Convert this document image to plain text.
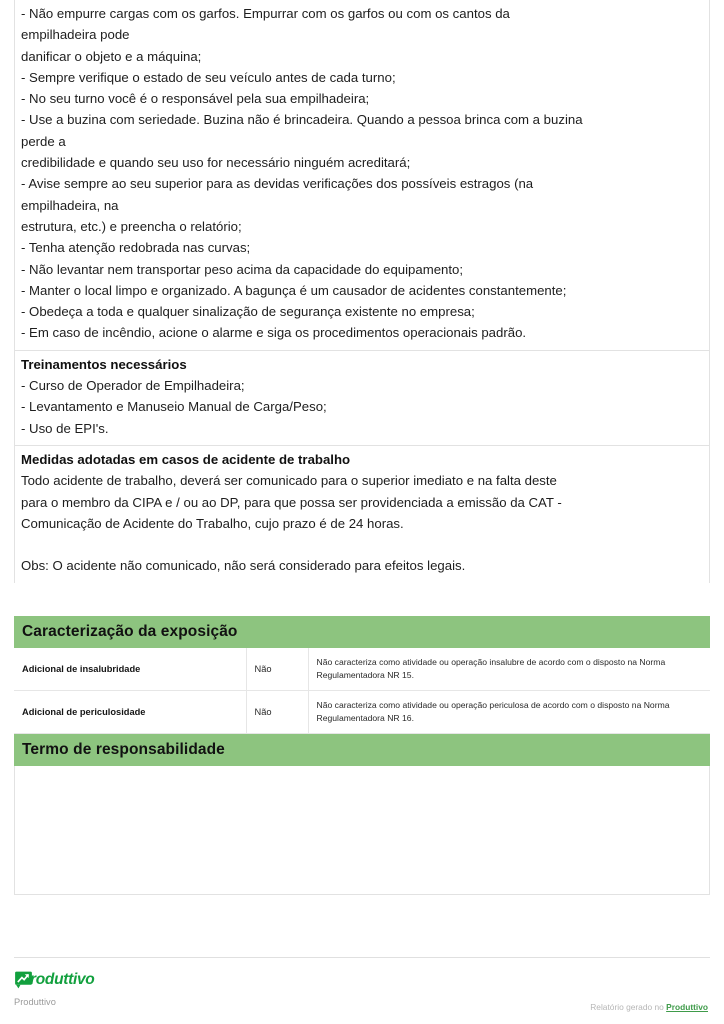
- Não empurre cargas com os garfos. Empurrar com os garfos ou com os cantos da
empilhadeira pode
danificar o objeto e a máquina;
- Sempre verifique o estado de seu veículo antes de cada turno;
- No seu turno você é o responsável pela sua empilhadeira;
- Use a buzina com seriedade. Buzina não é brincadeira. Quando a pessoa brinca com a buzina
perde a
credibilidade e quando seu uso for necessário ninguém acreditará;
- Avise sempre ao seu superior para as devidas verificações dos possíveis estragos (na
empilhadeira, na
estrutura, etc.) e preencha o relatório;
- Tenha atenção redobrada nas curvas;
- Não levantar nem transportar peso acima da capacidade do equipamento;
- Manter o local limpo e organizado. A bagunça é um causador de acidentes constantemente;
- Obedeça a toda e qualquer sinalização de segurança existente no empresa;
- Em caso de incêndio, acione o alarme e siga os procedimentos operacionais padrão.
Treinamentos necessários
- Curso de Operador de Empilhadeira;
- Levantamento e Manuseio Manual de Carga/Peso;
- Uso de EPI's.
Medidas adotadas em casos de acidente de trabalho
Todo acidente de trabalho, deverá ser comunicado para o superior imediato e na falta deste
para o membro da CIPA e / ou ao DP, para que possa ser providenciada a emissão da CAT -
Comunicação de Acidente do Trabalho, cujo prazo é de 24 horas.
Obs: O acidente não comunicado, não será considerado para efeitos legais.
Caracterização da exposição
Adicional de insalubridade	Não	Não caracteriza como atividade ou operação insalubre de acordo com o disposto na Norma Regulamentadora NR 15.
Adicional de periculosidade	Não	Não caracteriza como atividade ou operação periculosa de acordo com o disposto na Norma Regulamentadora NR 16.
Termo de responsabilidade
roduttivo
Produttivo	Relatório gerado no Produttivo
